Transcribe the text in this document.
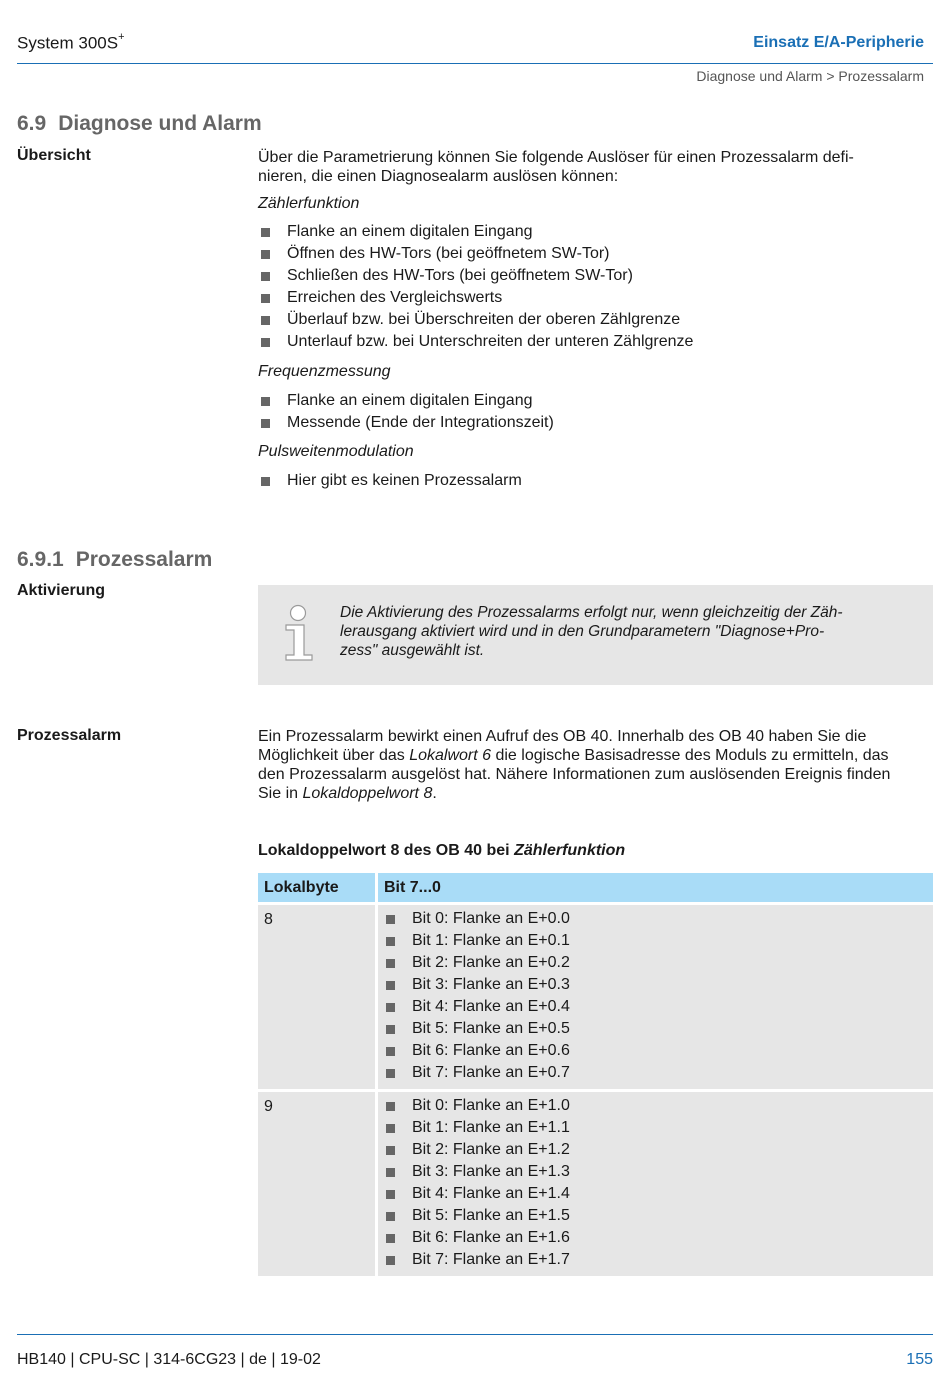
System 300S+	Einsatz E/A-Peripherie
Diagnose und Alarm > Prozessalarm
6.9 Diagnose und Alarm
Übersicht	Über die Parametrierung können Sie folgende Auslöser für einen Prozessalarm defi-
nieren, die einen Diagnosealarm auslösen können:
Zählerfunktion
Flanke an einem digitalen Eingang
Öffnen des HW-Tors (bei geöffnetem SW-Tor)
Schließen des HW-Tors (bei geöffnetem SW-Tor)
Erreichen des Vergleichswerts
Überlauf bzw. bei Überschreiten der oberen Zählgrenze
Unterlauf bzw. bei Unterschreiten der unteren Zählgrenze
Frequenzmessung
Flanke an einem digitalen Eingang
Messende (Ende der Integrationszeit)
Pulsweitenmodulation
Hier gibt es keinen Prozessalarm
6.9.1 Prozessalarm
Aktivierung
Die Aktivierung des Prozessalarms erfolgt nur, wenn gleichzeitig der Zäh-
lerausgang aktiviert wird und in den Grundparametern "Diagnose+Pro-
zess" ausgewählt ist.
Prozessalarm	Ein Prozessalarm bewirkt einen Aufruf des OB 40. Innerhalb des OB 40 haben Sie die
Möglichkeit über das Lokalwort 6 die logische Basisadresse des Moduls zu ermitteln, das
den Prozessalarm ausgelöst hat. Nähere Informationen zum auslösenden Ereignis finden
Sie in Lokaldoppelwort 8.
Lokaldoppelwort 8 des OB 40 bei Zählerfunktion
Lokalbyte	Bit 7...0
8	Bit 0: Flanke an E+0.0
Bit 1: Flanke an E+0.1
Bit 2: Flanke an E+0.2
Bit 3: Flanke an E+0.3
Bit 4: Flanke an E+0.4
Bit 5: Flanke an E+0.5
Bit 6: Flanke an E+0.6
Bit 7: Flanke an E+0.7
9	Bit 0: Flanke an E+1.0
Bit 1: Flanke an E+1.1
Bit 2: Flanke an E+1.2
Bit 3: Flanke an E+1.3
Bit 4: Flanke an E+1.4
Bit 5: Flanke an E+1.5
Bit 6: Flanke an E+1.6
Bit 7: Flanke an E+1.7
HB140 | CPU-SC | 314-6CG23 | de | 19-02	155
